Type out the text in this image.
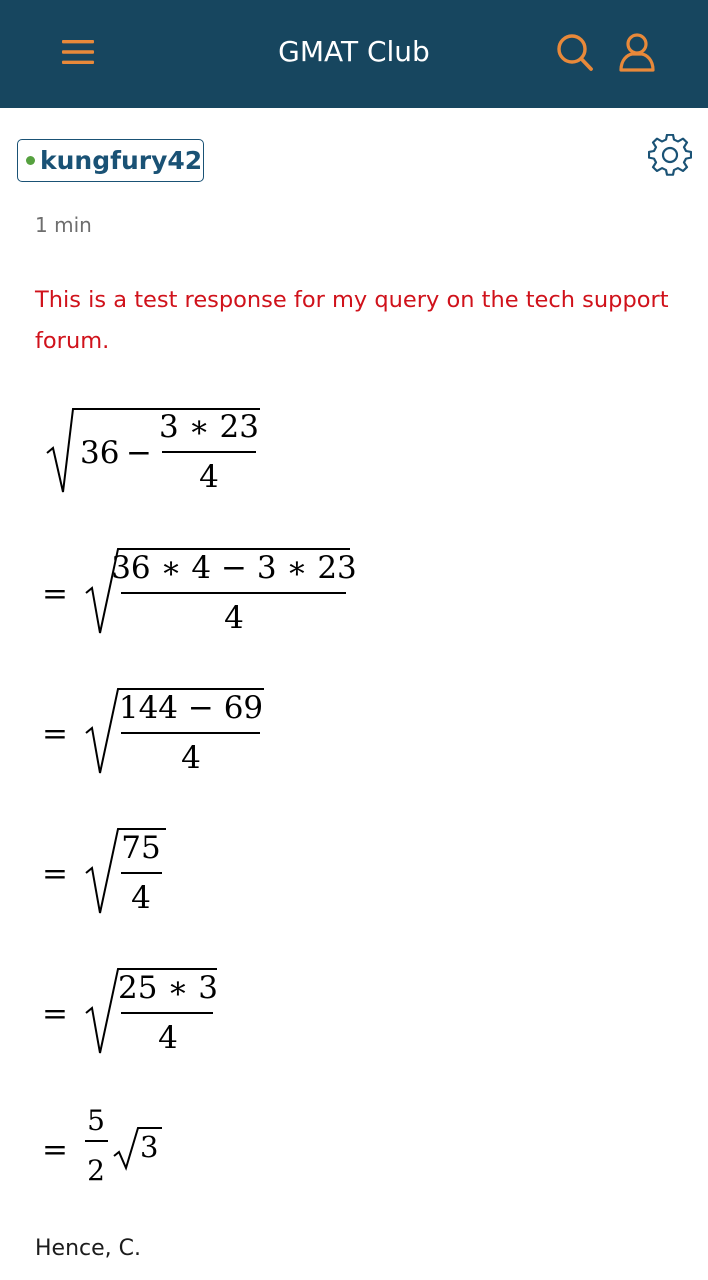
GMAT Club
kungfury42
1 min
This is a test response for my query on the tech support forum.
36 −
3 ∗ 23
4
=
36 ∗ 4 − 3 ∗ 23
4
=
144 − 69
4
=
75
4
=
25 ∗ 3
4
=
5
2
3
Hence, C.
